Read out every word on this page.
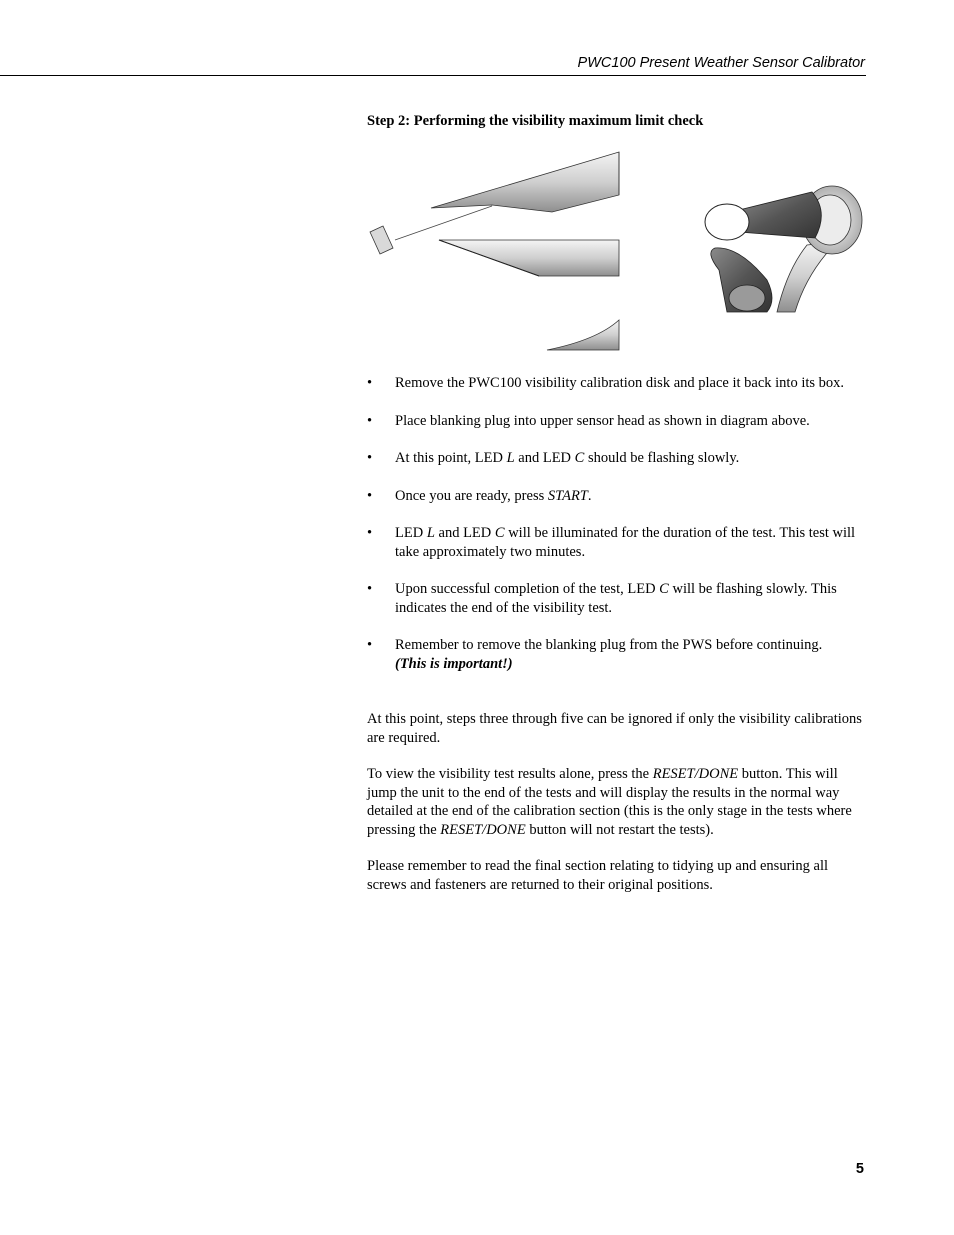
PWC100 Present Weather Sensor Calibrator

Step 2: Performing the visibility maximum limit check

• Remove the PWC100 visibility calibration disk and place it back into its box.
• Place blanking plug into upper sensor head as shown in diagram above.
• At this point, LED L and LED C should be flashing slowly.
• Once you are ready, press START.
• LED L and LED C will be illuminated for the duration of the test. This test will take approximately two minutes.
• Upon successful completion of the test, LED C will be flashing slowly. This indicates the end of the visibility test.
• Remember to remove the blanking plug from the PWS before continuing.
(This is important!)

At this point, steps three through five can be ignored if only the visibility calibrations are required.

To view the visibility test results alone, press the RESET/DONE button. This will jump the unit to the end of the tests and will display the results in the normal way detailed at the end of the calibration section (this is the only stage in the tests where pressing the RESET/DONE button will not restart the tests).

Please remember to read the final section relating to tidying up and ensuring all screws and fasteners are returned to their original positions.

5
